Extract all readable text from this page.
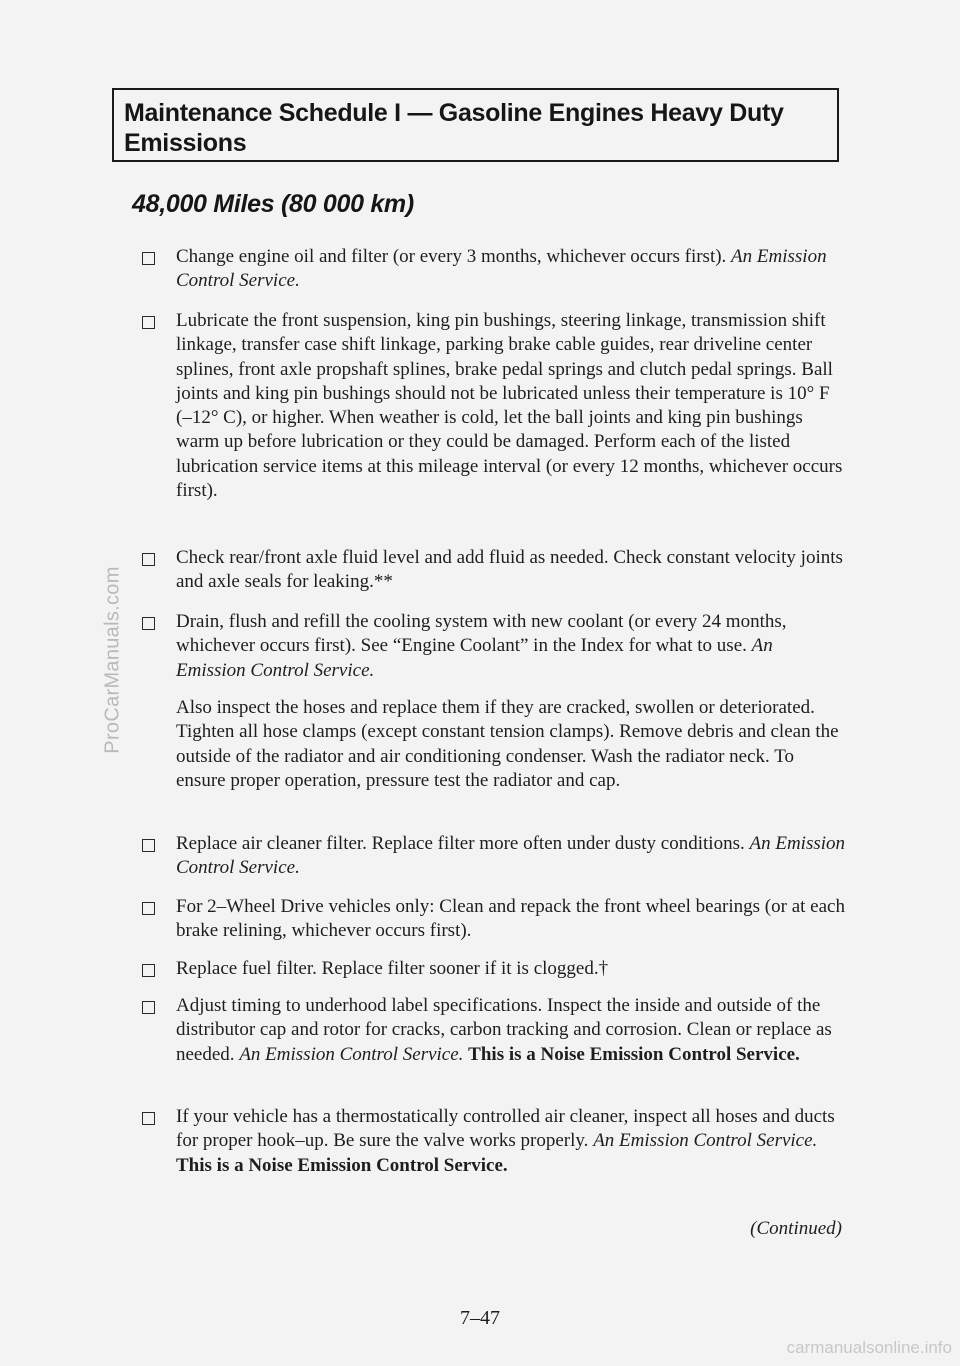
Maintenance Schedule I — Gasoline Engines Heavy Duty Emissions
48,000 Miles (80 000 km)
Change engine oil and filter (or every 3 months, whichever occurs first). An Emission Control Service.
Lubricate the front suspension, king pin bushings, steering linkage, transmission shift linkage, transfer case shift linkage, parking brake cable guides, rear driveline center splines, front axle propshaft splines, brake pedal springs and clutch pedal springs. Ball joints and king pin bushings should not be lubricated unless their temperature is 10° F (–12° C), or higher. When weather is cold, let the ball joints and king pin bushings warm up before lubrication or they could be damaged. Perform each of the listed lubrication service items at this mileage interval (or every 12 months, whichever occurs first).
Check rear/front axle fluid level and add fluid as needed. Check constant velocity joints and axle seals for leaking.**
Drain, flush and refill the cooling system with new coolant (or every 24 months, whichever occurs first). See “Engine Coolant” in the Index for what to use. An Emission Control Service.
Also inspect the hoses and replace them if they are cracked, swollen or deteriorated. Tighten all hose clamps (except constant tension clamps). Remove debris and clean the outside of the radiator and air conditioning condenser. Wash the radiator neck. To ensure proper operation, pressure test the radiator and cap.
Replace air cleaner filter. Replace filter more often under dusty conditions. An Emission Control Service.
For 2–Wheel Drive vehicles only: Clean and repack the front wheel bearings (or at each brake relining, whichever occurs first).
Replace fuel filter. Replace filter sooner if it is clogged.†
Adjust timing to underhood label specifications. Inspect the inside and outside of the distributor cap and rotor for cracks, carbon tracking and corrosion. Clean or replace as needed. An Emission Control Service. This is a Noise Emission Control Service.
If your vehicle has a thermostatically controlled air cleaner, inspect all hoses and ducts for proper hook–up. Be sure the valve works properly. An Emission Control Service. This is a Noise Emission Control Service.
(Continued)
7–47
ProCarManuals.com
carmanualsonline.info
